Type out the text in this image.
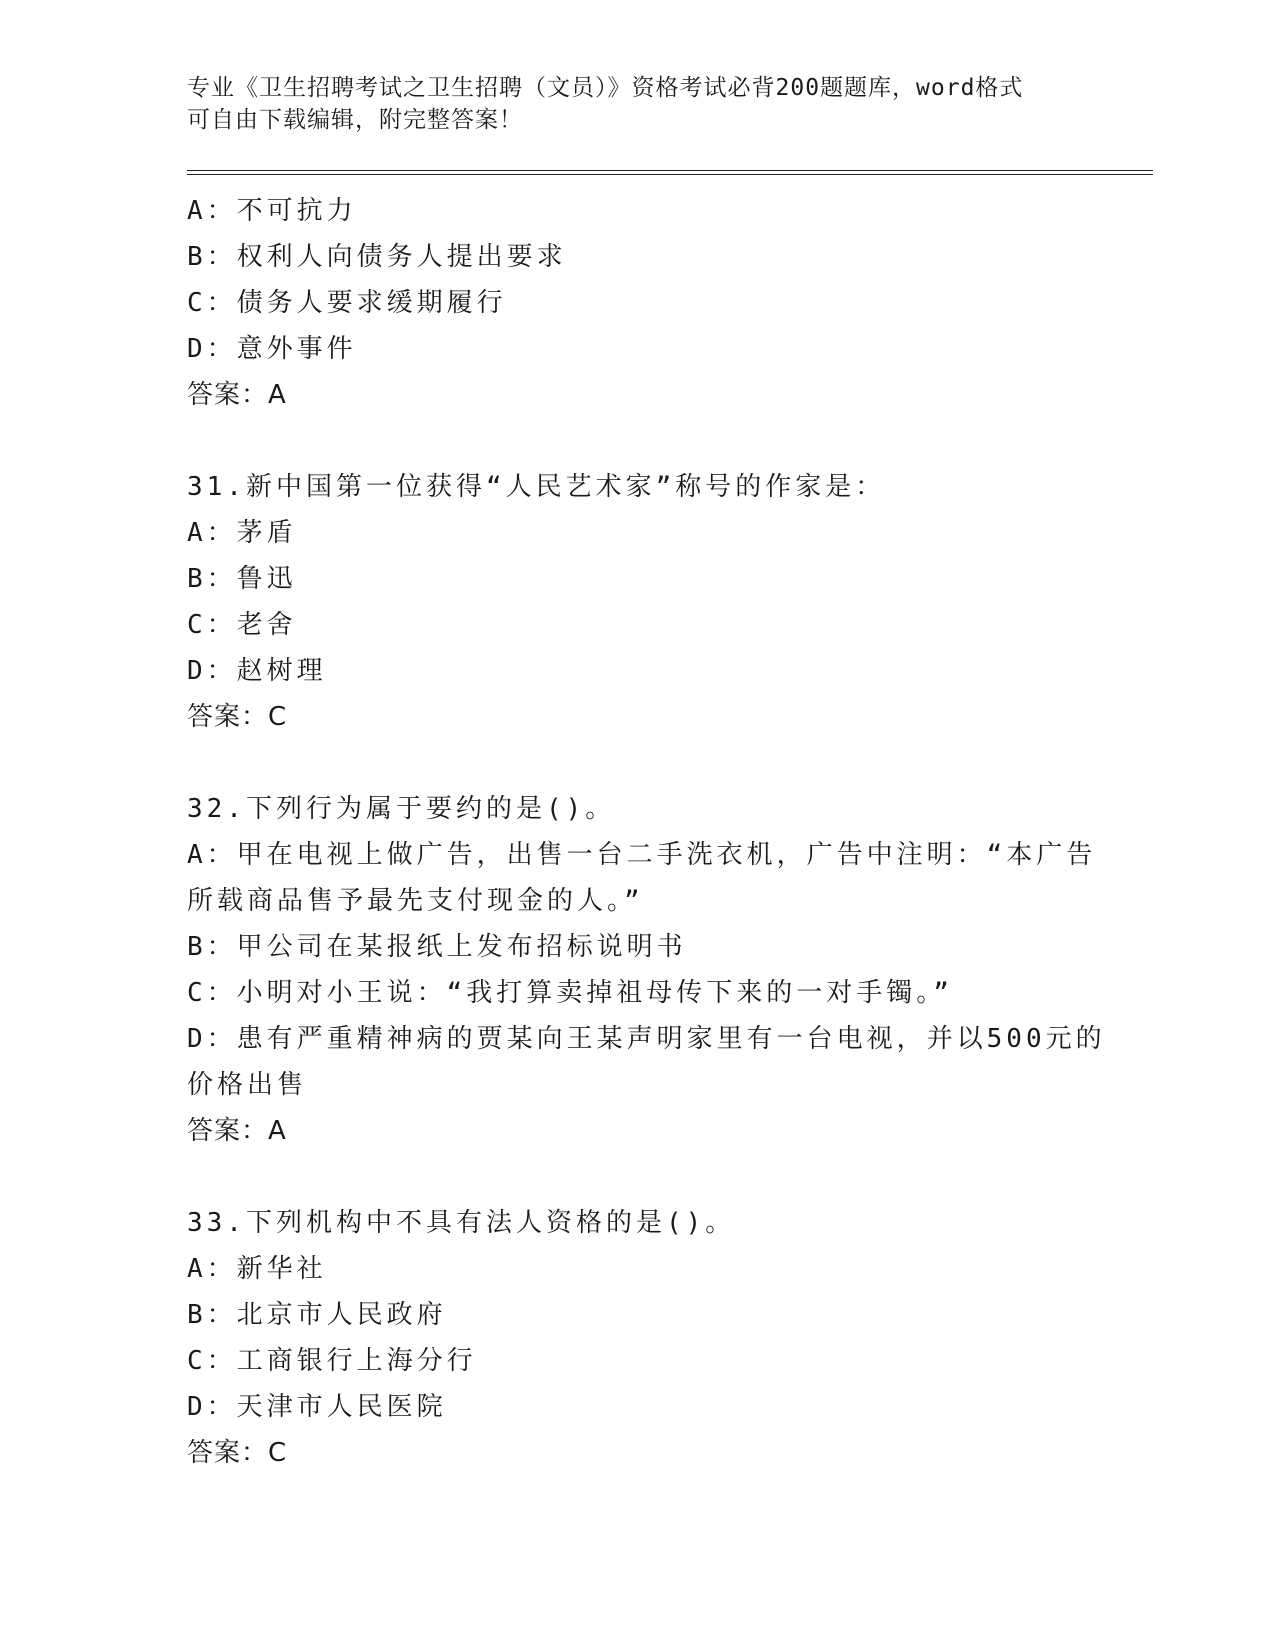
专业《卫生招聘考试之卫生招聘（文员）》资格考试必背200题题库，word格式
可自由下载编辑，附完整答案！
A：不可抗力
B：权利人向债务人提出要求
C：债务人要求缓期履行
D：意外事件
答案：A
31.新中国第一位获得“人民艺术家”称号的作家是：
A：茅盾
B：鲁迅
C：老舍
D：赵树理
答案：C
32.下列行为属于要约的是()。
A：甲在电视上做广告，出售一台二手洗衣机，广告中注明：“本广告
所载商品售予最先支付现金的人。”
B：甲公司在某报纸上发布招标说明书
C：小明对小王说：“我打算卖掉祖母传下来的一对手镯。”
D：患有严重精神病的贾某向王某声明家里有一台电视，并以500元的
价格出售
答案：A
33.下列机构中不具有法人资格的是()。
A：新华社
B：北京市人民政府
C：工商银行上海分行
D：天津市人民医院
答案：C
